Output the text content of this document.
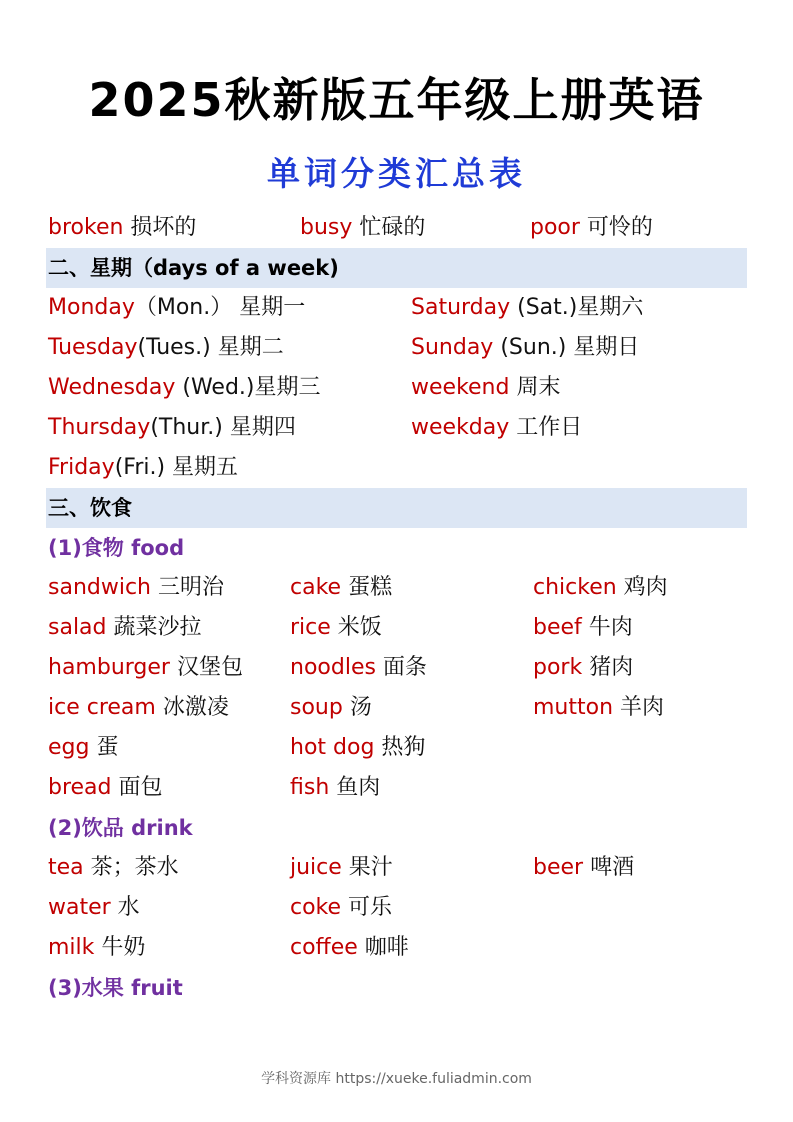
2025秋新版五年级上册英语
单词分类汇总表
broken 损坏的	busy 忙碌的	poor 可怜的
二、星期（days of a week)
Monday（Mon.） 星期一	Saturday (Sat.)星期六
Tuesday(Tues.) 星期二	Sunday (Sun.) 星期日
Wednesday (Wed.)星期三	weekend 周末
Thursday(Thur.) 星期四	weekday 工作日
Friday(Fri.) 星期五
三、饮食
(1)食物 food
sandwich 三明治	cake 蛋糕	chicken 鸡肉
salad 蔬菜沙拉	rice 米饭	beef 牛肉
hamburger 汉堡包 noodles 面条	pork 猪肉
ice cream 冰激凌	soup 汤	mutton 羊肉
egg 蛋	hot dog 热狗
bread 面包	fish 鱼肉
(2)饮品 drink
tea 茶；茶水	juice 果汁	beer 啤酒
water 水	coke 可乐
milk 牛奶	coffee 咖啡
(3)水果 fruit
学科资源库 https://xueke.fuliadmin.com
